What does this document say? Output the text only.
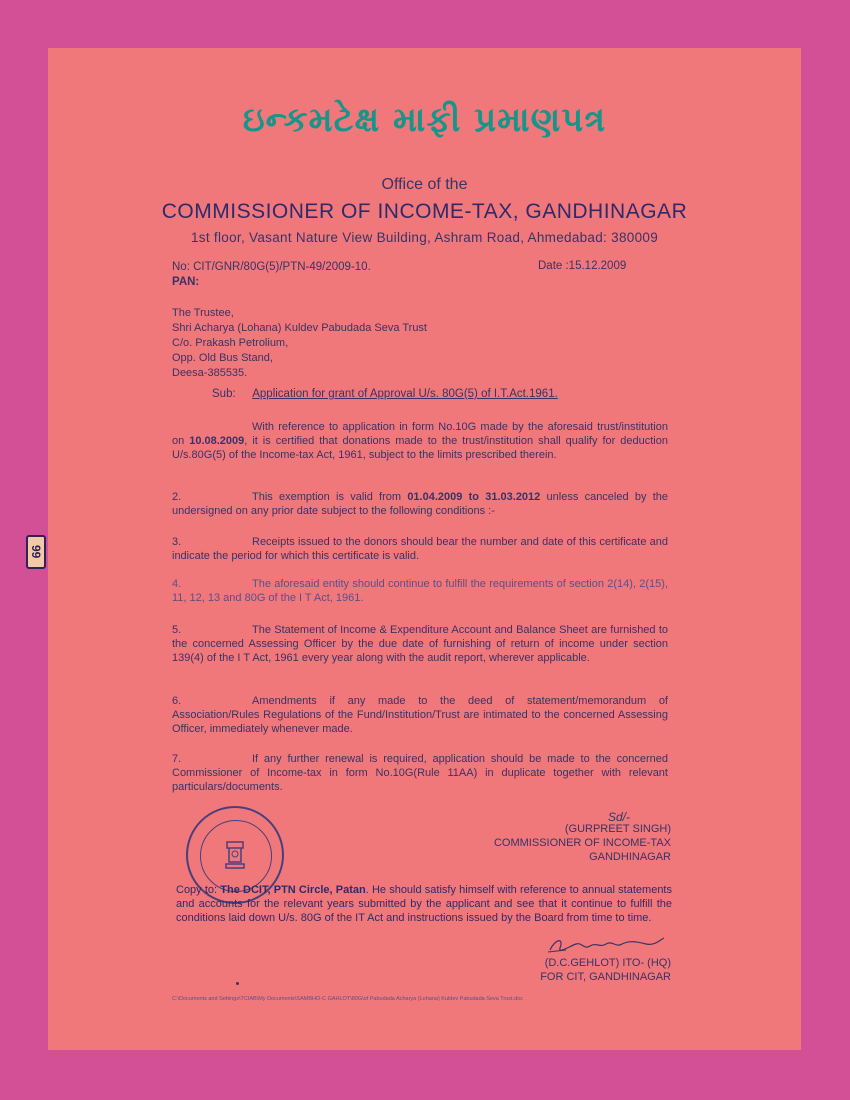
99
ઇન્કમટેક્ષ માફી પ્રમાણપત્ર
Office of the
COMMISSIONER OF INCOME-TAX, GANDHINAGAR
1st floor, Vasant Nature View Building, Ashram Road, Ahmedabad: 380009
No: CIT/GNR/80G(5)/PTN-49/2009-10.	Date :15.12.2009
PAN:
The Trustee,
Shri Acharya (Lohana) Kuldev Pabudada Seva Trust
C/o. Prakash Petrolium,
Opp. Old Bus Stand,
Deesa-385535.
Sub: Application for grant of Approval U/s. 80G(5) of I.T.Act.1961.
With reference to application in form No.10G made by the aforesaid trust/institution on 10.08.2009, it is certified that donations made to the trust/institution shall qualify for deduction U/s.80G(5) of the Income-tax Act, 1961, subject to the limits prescribed therein.
2.	This exemption is valid from 01.04.2009 to 31.03.2012 unless canceled by the undersigned on any prior date subject to the following conditions :-
3.	Receipts issued to the donors should bear the number and date of this certificate and indicate the period for which this certificate is valid.
4.	The aforesaid entity should continue to fulfill the requirements of section 2(14), 2(15), 11, 12, 13 and 80G of the I T Act, 1961.
5.	The Statement of Income & Expenditure Account and Balance Sheet are furnished to the concerned Assessing Officer by the due date of furnishing of return of income under section 139(4) of the I T Act, 1961 every year along with the audit report, wherever applicable.
6.	Amendments if any made to the deed of statement/memorandum of Association/Rules Regulations of the Fund/Institution/Trust are intimated to the concerned Assessing Officer, immediately whenever made.
7.	If any further renewal is required, application should be made to the concerned Commissioner of Income-tax in form No.10G(Rule 11AA) in duplicate together with relevant particulars/documents.
Sd/-
(GURPREET SINGH)
COMMISSIONER OF INCOME-TAX
GANDHINAGAR
Copy to: The DCIT, PTN Circle, Patan. He should satisfy himself with reference to annual statements and accounts for the relevant years submitted by the applicant and see that it continue to fulfill the conditions laid down U/s. 80G of the IT Act and instructions issued by the Board from time to time.
(D.C.GEHLOT) ITO- (HQ)
FOR CIT, GANDHINAGAR
C:\Documents and Settings\TCIAB\My Documents\SAMBHO-C GAHLOT\80G\of Pabudada Acharya (Lohana) Kuldev Pabudada Seva Trust.doc
